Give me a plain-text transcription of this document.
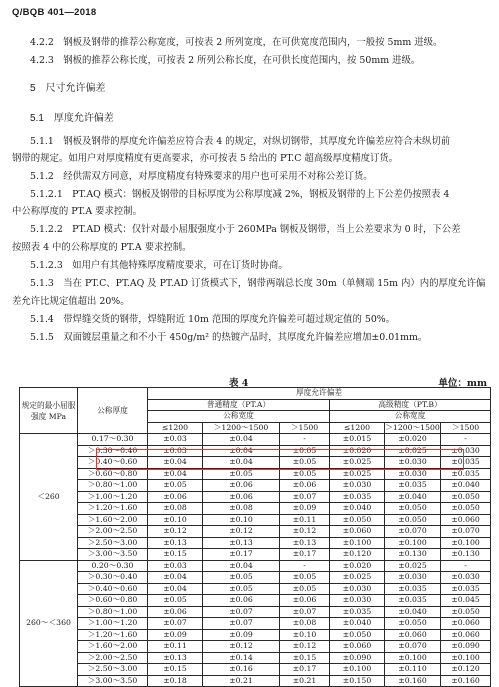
Q/BQB 401—2018
4.2.2　钢板及钢带的推荐公称宽度，可按表 2 所列宽度，在可供宽度范围内，一般按 5mm 进级。
4.2.3　钢板的推荐公称长度，可按表 2 所列公称长度，在可供长度范围内，按 50mm 进级。
5　尺寸允许偏差
5.1　厚度允许偏差
5.1.1　钢板及钢带的厚度允许偏差应符合表 4 的规定，对纵切钢带，其厚度允许偏差应符合未纵切前
钢带的规定。如用户对厚度精度有更高要求，亦可按表 5 给出的 PT.C 超高级厚度精度订货。
5.1.2　经供需双方同意，对厚度精度有特殊要求的用户也可采用不对称公差订货。
5.1.2.1　PT.AQ 模式：钢板及钢带的目标厚度为公称厚度减 2%，钢板及钢带的上下公差仍按照表 4
中公称厚度的 PT.A 要求控制。
5.1.2.2　PT.AD 模式：仅针对最小屈服强度小于 260MPa 钢板及钢带，当上公差要求为 0 时，下公差
按照表 4 中的公称厚度的 PT.A 要求控制。
5.1.2.3　如用户有其他特殊厚度精度要求，可在订货时协商。
5.1.3　当在 PT.C、PT.AQ 及 PT.AD 订货模式下，钢带两端总长度 30m（单侧端 15m 内）内的厚度允许偏
差允许比规定值超出 20%。
5.1.4　带焊缝交货的钢带，焊缝附近 10m 范围的厚度允许偏差可超过规定值的 50%。
5.1.5　双面镀层重量之和不小于 450g/m² 的热镀产品时，其厚度允许偏差应增加±0.01mm。
表 4	单位：mm
规定的最小屈服强度 MPa	公称厚度	厚度允许偏差					
		普通精度（PT.A）			高级精度（PT.B）		
		公称宽度			公称宽度		
		≤1200	＞1200～1500	＞1500	≤1200	＞1200～1500	＞1500
＜260	0.17～0.30	±0.03	±0.04	-	±0.015	±0.020	-
	＞0.30～0.40	±0.03	±0.04	±0.05	±0.020	±0.025	±0.030
	＞0.40～0.60	±0.04	±0.04	±0.05	±0.025	±0.030	±0.035
	＞0.60～0.80	±0.04	±0.05	±0.05	±0.025	±0.030	±0.035
	＞0.80～1.00	±0.05	±0.06	±0.06	±0.030	±0.035	±0.040
	＞1.00～1.20	±0.06	±0.06	±0.07	±0.035	±0.040	±0.050
	＞1.20～1.60	±0.08	±0.08	±0.09	±0.040	±0.050	±0.050
	＞1.60～2.00	±0.10	±0.10	±0.11	±0.050	±0.050	±0.060
	＞2.00～2.50	±0.12	±0.12	±0.12	±0.060	±0.070	±0.070
	＞2.50～3.00	±0.13	±0.13	±0.13	±0.100	±0.100	±0.100
	＞3.00～3.50	±0.15	±0.17	±0.17	±0.120	±0.130	±0.130
260～＜360	0.20～0.30	±0.03	±0.04	-	±0.020	±0.025	-
	＞0.30～0.40	±0.04	±0.05	±0.05	±0.025	±0.030	±0.030
	＞0.40～0.60	±0.04	±0.05	±0.05	±0.030	±0.035	±0.035
	＞0.60～0.80	±0.05	±0.06	±0.06	±0.030	±0.035	±0.045
	＞0.80～1.00	±0.06	±0.07	±0.07	±0.035	±0.040	±0.050
	＞1.00～1.20	±0.07	±0.07	±0.08	±0.040	±0.050	±0.060
	＞1.20～1.60	±0.09	±0.09	±0.10	±0.050	±0.060	±0.060
	＞1.60～2.00	±0.11	±0.12	±0.12	±0.060	±0.070	±0.090
	＞2.00～2.50	±0.13	±0.14	±0.15	±0.090	±0.100	±0.100
	＞2.50～3.00	±0.15	±0.16	±0.17	±0.100	±0.110	±0.120
	＞3.00～3.50	±0.18	±0.21	±0.21	±0.150	±0.160	±0.160
